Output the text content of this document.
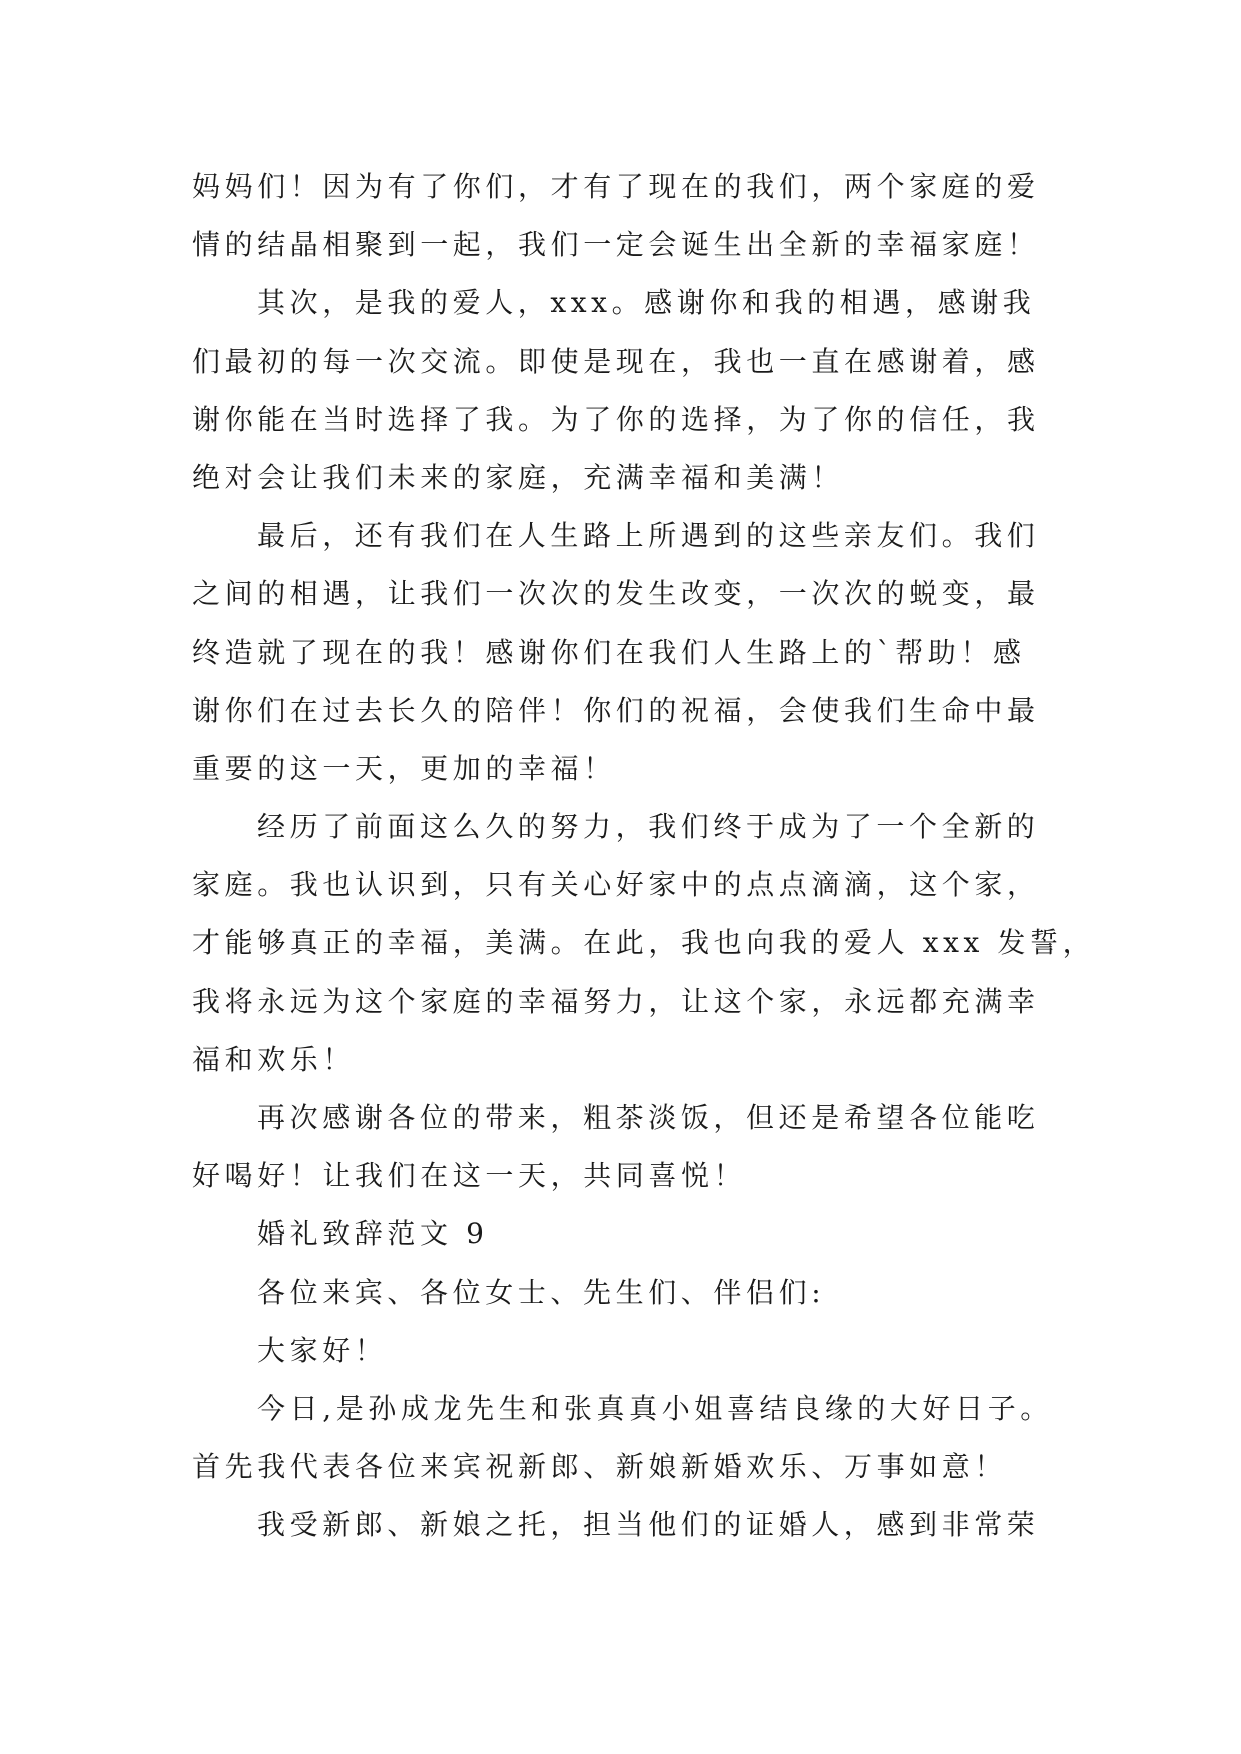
妈妈们！因为有了你们，才有了现在的我们，两个家庭的爱
情的结晶相聚到一起，我们一定会诞生出全新的幸福家庭！
其次，是我的爱人，xxx。感谢你和我的相遇，感谢我
们最初的每一次交流。即使是现在，我也一直在感谢着，感
谢你能在当时选择了我。为了你的选择，为了你的信任，我
绝对会让我们未来的家庭，充满幸福和美满！
最后，还有我们在人生路上所遇到的这些亲友们。我们
之间的相遇，让我们一次次的发生改变，一次次的蜕变，最
终造就了现在的我！感谢你们在我们人生路上的`帮助！感
谢你们在过去长久的陪伴！你们的祝福，会使我们生命中最
重要的这一天，更加的幸福！
经历了前面这么久的努力，我们终于成为了一个全新的
家庭。我也认识到，只有关心好家中的点点滴滴，这个家，
才能够真正的幸福，美满。在此，我也向我的爱人 xxx 发誓，
我将永远为这个家庭的幸福努力，让这个家，永远都充满幸
福和欢乐！
再次感谢各位的带来，粗茶淡饭，但还是希望各位能吃
好喝好！让我们在这一天，共同喜悦！
婚礼致辞范文 9
各位来宾、各位女士、先生们、伴侣们:
大家好！
今日,是孙成龙先生和张真真小姐喜结良缘的大好日子。
首先我代表各位来宾祝新郎、新娘新婚欢乐、万事如意！
我受新郎、新娘之托，担当他们的证婚人，感到非常荣
